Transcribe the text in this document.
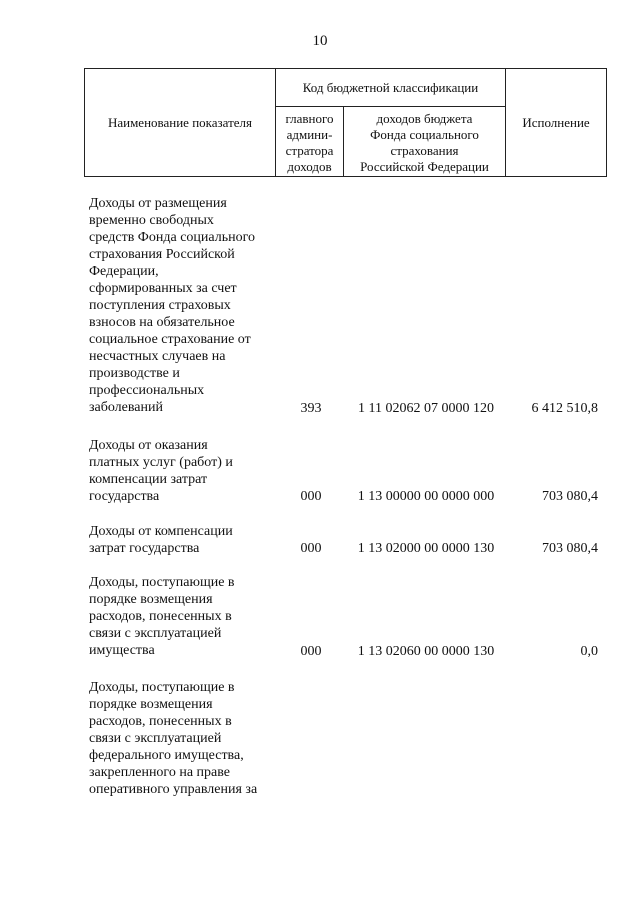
10
Наименование показателя	Код бюджетной классификации		Исполнение
	главного
админи-
стратора
доходов	доходов бюджета
Фонда социального
страхования
Российской Федерации	
Доходы от размещения
временно свободных
средств Фонда социального
страхования Российской
Федерации,
сформированных за счет
поступления страховых
взносов на обязательное
социальное страхование от
несчастных случаев на
производстве и
профессиональных
заболеваний	393	1 11 02062 07 0000 120	6 412 510,8
Доходы от оказания
платных услуг (работ) и
компенсации затрат
государства	000	1 13 00000 00 0000 000	703 080,4
Доходы от компенсации
затрат государства	000	1 13 02000 00 0000 130	703 080,4
Доходы, поступающие в
порядке возмещения
расходов, понесенных в
связи с эксплуатацией
имущества	000	1 13 02060 00 0000 130	0,0
Доходы, поступающие в
порядке возмещения
расходов, понесенных в
связи с эксплуатацией
федерального имущества,
закрепленного на праве
оперативного управления за
